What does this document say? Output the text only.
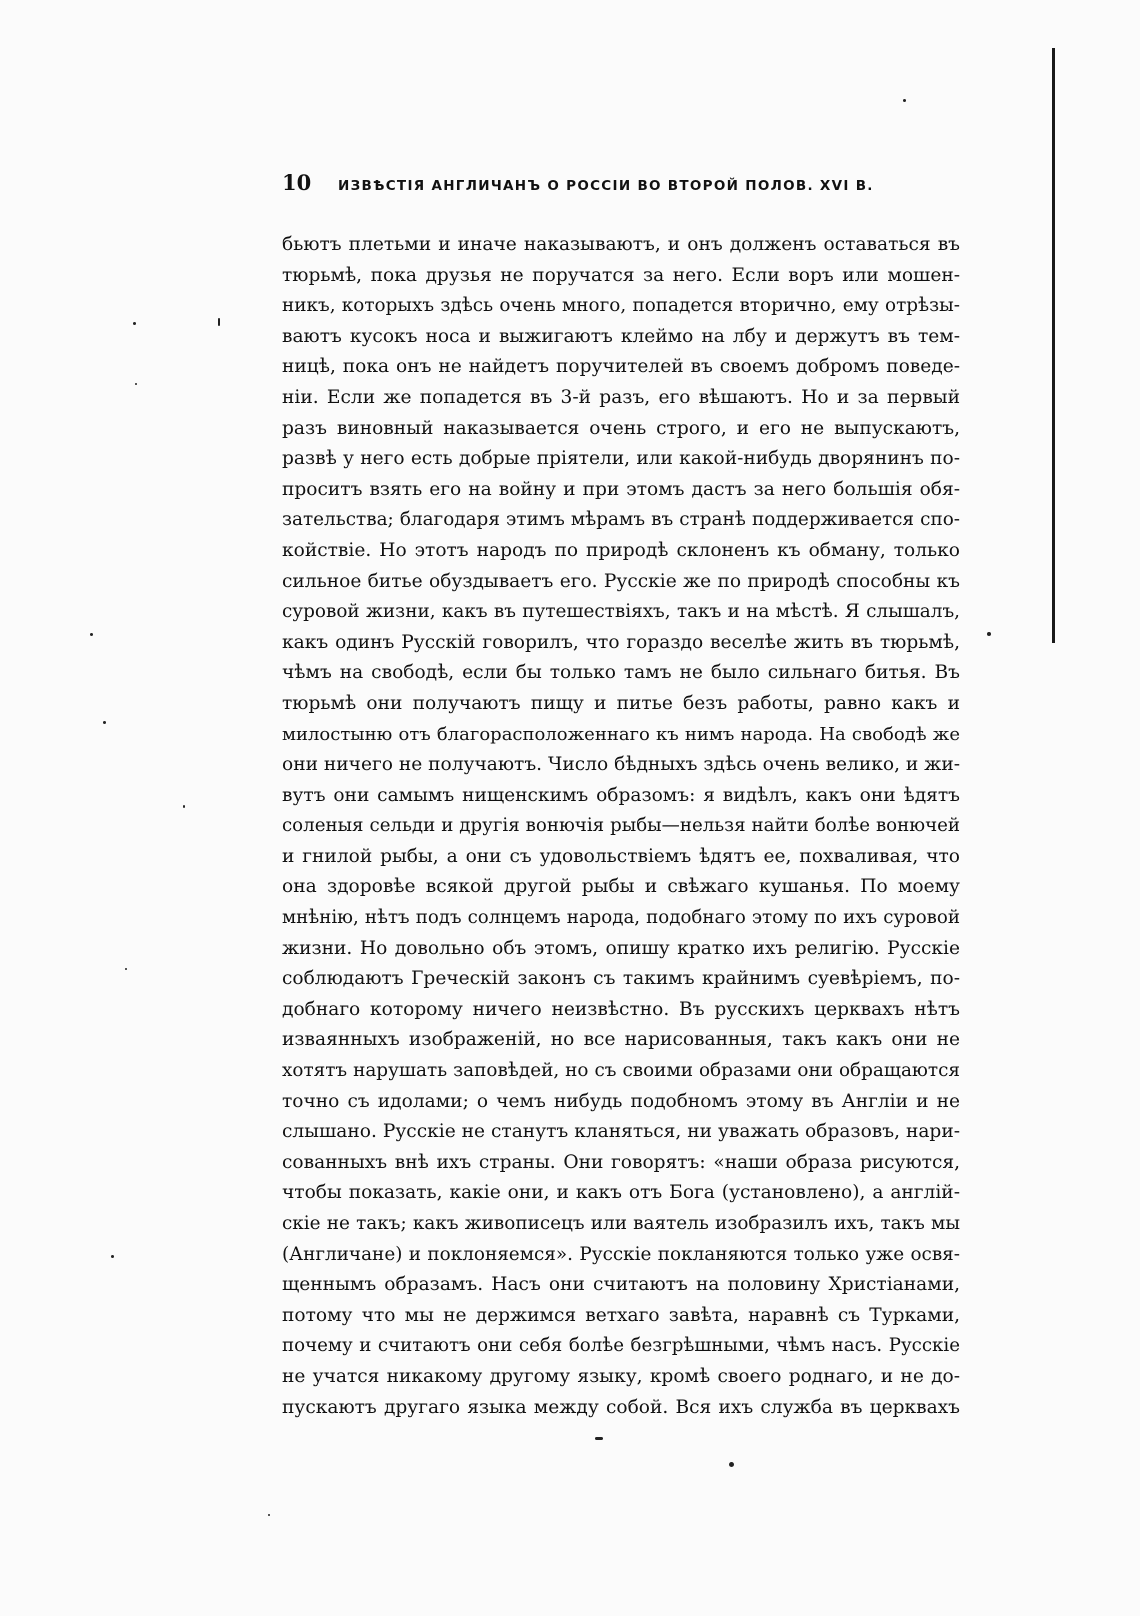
10	ИЗВѢСТІЯ АНГЛИЧАНЪ О РОССІИ ВО ВТОРОЙ ПОЛОВ. XVI В.
бьютъ плетьми и иначе наказываютъ, и онъ долженъ оставаться въ
тюрьмѣ, пока друзья не поручатся за него. Если воръ или мошен-
никъ, которыхъ здѣсь очень много, попадется вторично, ему отрѣзы-
ваютъ кусокъ носа и выжигаютъ клеймо на лбу и держутъ въ тем-
ницѣ, пока онъ не найдетъ поручителей въ своемъ добромъ поведе-
ніи. Если же попадется въ 3-й разъ, его вѣшаютъ. Но и за первый
разъ виновный наказывается очень строго, и его не выпускаютъ,
развѣ у него есть добрые пріятели, или какой-нибудь дворянинъ по-
проситъ взять его на войну и при этомъ дастъ за него большія обя-
зательства; благодаря этимъ мѣрамъ въ странѣ поддерживается спо-
койствіе. Но этотъ народъ по природѣ склоненъ къ обману, только
сильное битье обуздываетъ его. Русскіе же по природѣ способны къ
суровой жизни, какъ въ путешествіяхъ, такъ и на мѣстѣ. Я слышалъ,
какъ одинъ Русскій говорилъ, что гораздо веселѣе жить въ тюрьмѣ,
чѣмъ на свободѣ, если бы только тамъ не было сильнаго битья. Въ
тюрьмѣ они получаютъ пищу и питье безъ работы, равно какъ и
милостыню отъ благорасположеннаго къ нимъ народа. На свободѣ же
они ничего не получаютъ. Число бѣдныхъ здѣсь очень велико, и жи-
вутъ они самымъ нищенскимъ образомъ: я видѣлъ, какъ они ѣдятъ
соленыя сельди и другія вонючія рыбы—нельзя найти болѣе вонючей
и гнилой рыбы, а они съ удовольствіемъ ѣдятъ ее, похваливая, что
она здоровѣе всякой другой рыбы и свѣжаго кушанья. По моему
мнѣнію, нѣтъ подъ солнцемъ народа, подобнаго этому по ихъ суровой
жизни. Но довольно объ этомъ, опишу кратко ихъ религію. Русскіе
соблюдаютъ Греческій законъ съ такимъ крайнимъ суевѣріемъ, по-
добнаго которому ничего неизвѣстно. Въ русскихъ церквахъ нѣтъ
изваянныхъ изображеній, но все нарисованныя, такъ какъ они не
хотятъ нарушать заповѣдей, но съ своими образами они обращаются
точно съ идолами; о чемъ нибудь подобномъ этому въ Англіи и не
слышано. Русскіе не станутъ кланяться, ни уважать образовъ, нари-
сованныхъ внѣ ихъ страны. Они говорятъ: «наши образа рисуются,
чтобы показать, какіе они, и какъ отъ Бога (установлено), а англій-
скіе не такъ; какъ живописецъ или ваятель изобразилъ ихъ, такъ мы
(Англичане) и поклоняемся». Русскіе покланяются только уже освя-
щеннымъ образамъ. Насъ они считаютъ на половину Христіанами,
потому что мы не держимся ветхаго завѣта, наравнѣ съ Турками,
почему и считаютъ они себя болѣе безгрѣшными, чѣмъ насъ. Русскіе
не учатся никакому другому языку, кромѣ своего роднаго, и не до-
пускаютъ другаго языка между собой. Вся ихъ служба въ церквахъ
